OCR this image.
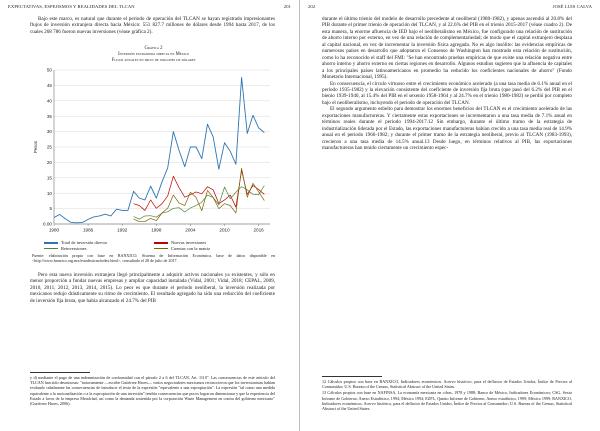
EXPECTATIVAS, ESPEJISMOS Y REALIDADES DEL TLCAN	201

Bajo este marco, es natural que durante el periodo de operación del TLCAN se hayan registrado impresionantes flujos de inversión extranjera directa hacia México: 551 827.7 millones de dólares desde 1994 hasta 2017, de los cuales 268 786 fueron nuevas inversiones (véase gráfica 2).

Gráfica 2
Inversión extranjera directa en México
Flujos anuales en miles de millones de dólares
0.00
5
10
15
20
25
30
35
40
45
50
1980	1986	1992	1998	2004	2010	2016
Pesos
Total de inversión directa	Nuevas inversiones
Reinversiones	Cuentas con la matriz
Fuente: elaboración propia con base en BANXICO, Sistema de Información Económica, base de datos disponible en <http://www.banxico.org.mx/estadisticas/index.html>, consultado el 28 de julio de 2017.

Pero esta nueva inversión extranjera llegó principalmente a adquirir activos nacionales ya existentes, y sólo en menor proporción a fundar nuevas empresas y ampliar capacidad instalada (Vidal, 2001; Vidal, 2018; CEPAL, 2009, 2010, 2011, 2012, 2013, 2014, 2015). Lo peor es que durante el periodo neoliberal, la inversión realizada por mexicanos redujo drásticamente su ritmo de crecimiento. El resultado agregado ha sido una reducción del coeficiente de inversión fija bruta, que había alcanzado el 24.7% del PIB

y d) mediante el pago de una indemnización de conformidad con el párrafo 2 a 6 del TLCAN, Art. 1110". Las consecuencias de este artículo del TLCAN han sido desastrosas: "notoriamente —escribe Gutiérrez Haces— varios negociadores mexicanos reconocieron que los inversionistas habían evaluado cabalmente las consecuencias de introducir el texto de la expresión "equivalente a una expropiación". La expresión "tal como una medida equivalente a la nacionalización o a la expropiación de una inversión" tendría consecuencias que pocos lograron dimensionar y que la experiencia del Estado a favor de la empresa Metalclad, así como la demanda sostenida por la corporación Waste Management en contra del gobierno mexicano" (Gutiérrez Haces, 2006).

202	JOSÉ LUIS CALVA

durante el último trienio del modelo de desarrollo precedente al neoliberal (1980-1982), y apenas ascendió al 20.8% del PIB durante el primer trienio de operación del TLCAN, y al 22.6% del PIB en el trienio 2015-2017 (véase cuadro 2). De esta manera, la enorme afluencia de IED bajo el neoliberalismo en México, fue configurado una relación de sustitución de ahorro interno por externo, en vez de una relación de complementariedad; de modo que el capital extranjero desplaza al capital nacional, en vez de incrementar la inversión física agregada. No es algo insólito: las evidencias empíricas de numerosos países en desarrollo que adoptaron el Consenso de Washington han mostrado esta relación de sustitución, como lo ha reconocido el staff del FMI: "Se han encontrado pruebas empíricas de que existe una relación negativa entre ahorro interno y ahorro externo en ciertas regiones en desarrollo. Algunos estudios sugieren que la afluencia de capitales a los principales países latinoamericanos en promedio ha reducido los coeficientes nacionales de ahorro" (Fondo Monetario Internacional, 1995).

En consecuencia, el círculo virtuoso entre el crecimiento económico acelerado (a una tasa media de 6.1% anual en el periodo 1935-1982) y la elevación consistente del coeficiente de inversión fija bruta (que pasó del 6.2% del PIB en el bienio 1939-1940, al 15.4% del PIB en el sexenio 1958-1964 y al 24.7% en el trienio 1980-1982) se perdió por completo bajo el neoliberalismo, incluyendo el periodo de operación del TLCAN.

El segundo argumento esbelto para demostrar los enormes beneficios del TLCAN es el crecimiento acelerado de las exportaciones manufactureras. Y ciertamente estas exportaciones se incrementaron a una tasa media de 7.1% anual en términos reales durante el periodo 1994-2017.12 Sin embargo, durante el último tramo de la estrategia de industrialización liderada por el Estado, las exportaciones manufactureras habían crecido a una tasa media real de 14.9% anual en el periodo 1966-1982; y durante el primer tramo de la estrategia neoliberal, previo al TLCAN (1983-1993), crecieron a una tasa media de 14.5% anual.13 Desde luego, en términos relativos al PIB, las exportaciones manufactureras han tenido ciertamente un crecimiento espec-

12 Cálculos propios con base en BANXICO, Indicadores económicos. Acervo histórico, para el deflactor de Estados Unidos, Índice de Precios al Consumidor; U.S. Bureau of the Census, Statistical Abstract of the United States.

13 Cálculos propios con base en NAFINSA, La economía mexicana en cifras, 1978 y 1988; Banco de México, Indicadores Económicos; CSG, Sexto Informe de Gobierno, Anexo Estadístico, 1994; México 1994; EZPL, Quinto Informe de Gobierno, Anexo estadístico, 1999; México 1999; BANXICO, Indicadores económicos. Acervo histórico, para el deflactor de Estados Unidos, Índice de Precios al Consumidor; U.S. Bureau of the Census, Statistical Abstract of the United States.
